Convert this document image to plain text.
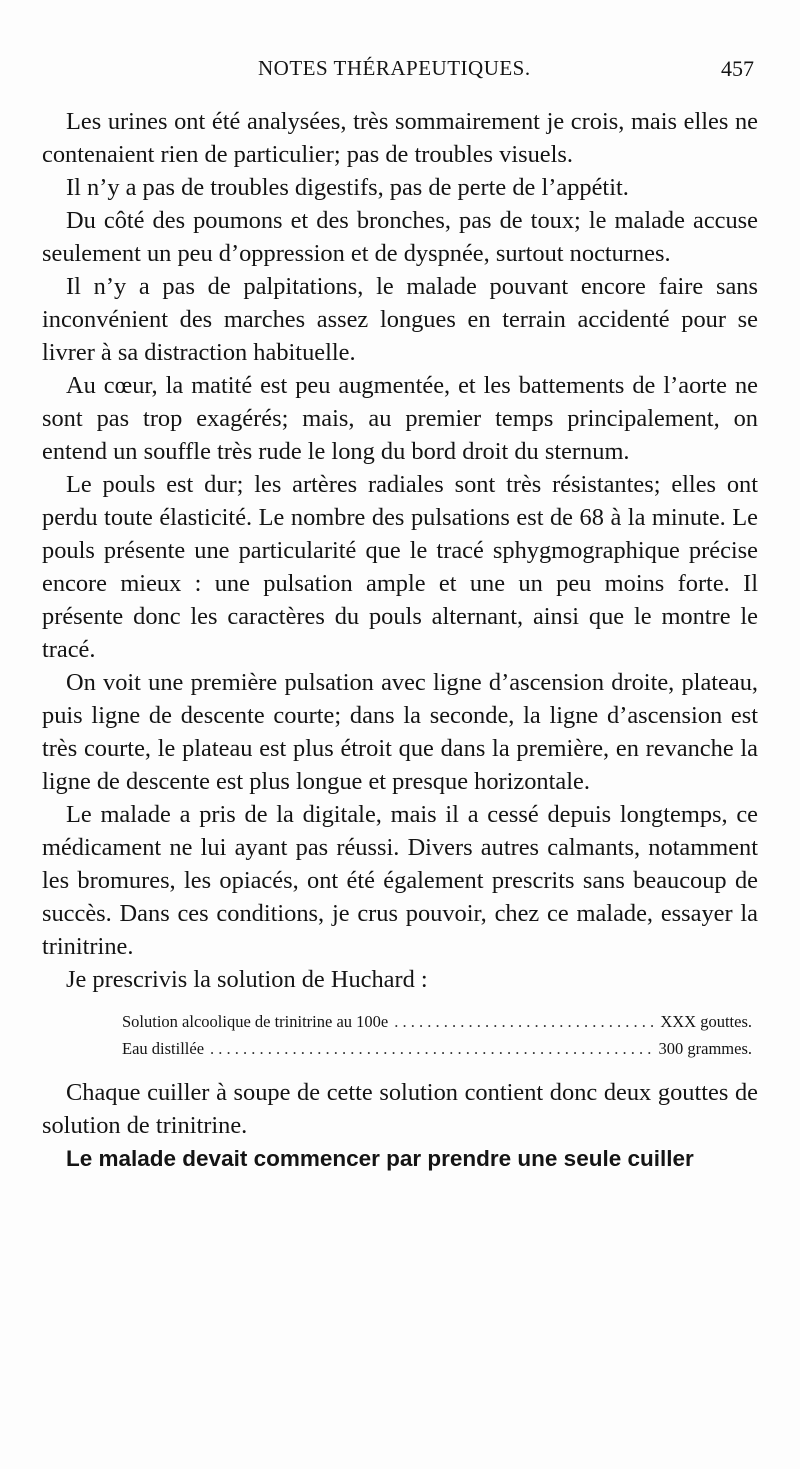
NOTES THÉRAPEUTIQUES.	457

Les urines ont été analysées, très sommairement je crois, mais elles ne contenaient rien de particulier; pas de troubles visuels.

Il n’y a pas de troubles digestifs, pas de perte de l’appétit.

Du côté des poumons et des bronches, pas de toux; le malade accuse seulement un peu d’oppression et de dyspnée, surtout nocturnes.

Il n’y a pas de palpitations, le malade pouvant encore faire sans inconvénient des marches assez longues en terrain accidenté pour se livrer à sa distraction habituelle.

Au cœur, la matité est peu augmentée, et les battements de l’aorte ne sont pas trop exagérés; mais, au premier temps principalement, on entend un souffle très rude le long du bord droit du sternum.

Le pouls est dur; les artères radiales sont très résistantes; elles ont perdu toute élasticité. Le nombre des pulsations est de 68 à la minute. Le pouls présente une particularité que le tracé sphygmographique précise encore mieux : une pulsation ample et une un peu moins forte. Il présente donc les caractères du pouls alternant, ainsi que le montre le tracé.

On voit une première pulsation avec ligne d’ascension droite, plateau, puis ligne de descente courte; dans la seconde, la ligne d’ascension est très courte, le plateau est plus étroit que dans la première, en revanche la ligne de descente est plus longue et presque horizontale.

Le malade a pris de la digitale, mais il a cessé depuis longtemps, ce médicament ne lui ayant pas réussi. Divers autres calmants, notamment les bromures, les opiacés, ont été également prescrits sans beaucoup de succès. Dans ces conditions, je crus pouvoir, chez ce malade, essayer la trinitrine.

Je prescrivis la solution de Huchard :

Solution alcoolique de trinitrine au 100e . . .	XXX gouttes.
Eau distillée . . .	300 grammes.

Chaque cuiller à soupe de cette solution contient donc deux gouttes de solution de trinitrine.

Le malade devait commencer par prendre une seule cuiller
